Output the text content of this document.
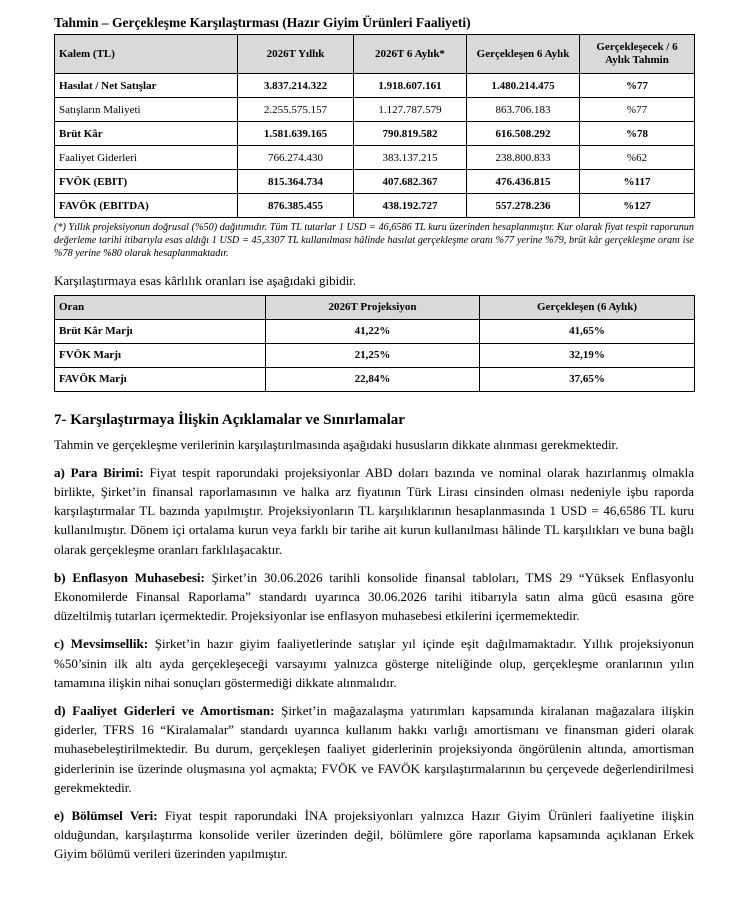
Tahmin – Gerçekleşme Karşılaştırması (Hazır Giyim Ürünleri Faaliyeti)
Kalem (TL)	2026T Yıllık	2026T 6 Aylık*	Gerçekleşen 6 Aylık	Gerçekleşecek / 6 Aylık Tahmin
Hasılat / Net Satışlar	3.837.214.322	1.918.607.161	1.480.214.475	%77
Satışların Maliyeti	2.255.575.157	1.127.787.579	863.706.183	%77
Brüt Kâr	1.581.639.165	790.819.582	616.508.292	%78
Faaliyet Giderleri	766.274.430	383.137.215	238.800.833	%62
FVÖK (EBIT)	815.364.734	407.682.367	476.436.815	%117
FAVÖK (EBITDA)	876.385.455	438.192.727	557.278.236	%127
(*) Yıllık projeksiyonun doğrusal (%50) dağıtımıdır. Tüm TL tutarlar 1 USD = 46,6586 TL kuru üzerinden hesaplanmıştır. Kur olarak fiyat tespit raporunun değerleme tarihi itibarıyla esas aldığı 1 USD = 45,3307 TL kullanılması hâlinde hasılat gerçekleşme oranı %77 yerine %79, brüt kâr gerçekleşme oranı ise %78 yerine %80 olarak hesaplanmaktadır.
Karşılaştırmaya esas kârlılık oranları ise aşağıdaki gibidir.
Oran	2026T Projeksiyon	Gerçekleşen (6 Aylık)
Brüt Kâr Marjı	41,22%	41,65%
FVÖK Marjı	21,25%	32,19%
FAVÖK Marjı	22,84%	37,65%
7- Karşılaştırmaya İlişkin Açıklamalar ve Sınırlamalar

Tahmin ve gerçekleşme verilerinin karşılaştırılmasında aşağıdaki hususların dikkate alınması gerekmektedir.

a) Para Birimi: Fiyat tespit raporundaki projeksiyonlar ABD doları bazında ve nominal olarak hazırlanmış olmakla birlikte, Şirket’in finansal raporlamasının ve halka arz fiyatının Türk Lirası cinsinden olması nedeniyle işbu raporda karşılaştırmalar TL bazında yapılmıştır. Projeksiyonların TL karşılıklarının hesaplanmasında 1 USD = 46,6586 TL kuru kullanılmıştır. Dönem içi ortalama kurun veya farklı bir tarihe ait kurun kullanılması hâlinde TL karşılıkları ve buna bağlı olarak gerçekleşme oranları farklılaşacaktır.

b) Enflasyon Muhasebesi: Şirket’in 30.06.2026 tarihli konsolide finansal tabloları, TMS 29 “Yüksek Enflasyonlu Ekonomilerde Finansal Raporlama” standardı uyarınca 30.06.2026 tarihi itibarıyla satın alma gücü esasına göre düzeltilmiş tutarları içermektedir. Projeksiyonlar ise enflasyon muhasebesi etkilerini içermemektedir.

c) Mevsimsellik: Şirket’in hazır giyim faaliyetlerinde satışlar yıl içinde eşit dağılmamaktadır. Yıllık projeksiyonun %50’sinin ilk altı ayda gerçekleşeceği varsayımı yalnızca gösterge niteliğinde olup, gerçekleşme oranlarının yılın tamamına ilişkin nihai sonuçları göstermediği dikkate alınmalıdır.

d) Faaliyet Giderleri ve Amortisman: Şirket’in mağazalaşma yatırımları kapsamında kiralanan mağazalara ilişkin giderler, TFRS 16 “Kiralamalar” standardı uyarınca kullanım hakkı varlığı amortismanı ve finansman gideri olarak muhasebeleştirilmektedir. Bu durum, gerçekleşen faaliyet giderlerinin projeksiyonda öngörülenin altında, amortisman giderlerinin ise üzerinde oluşmasına yol açmakta; FVÖK ve FAVÖK karşılaştırmalarının bu çerçevede değerlendirilmesi gerekmektedir.

e) Bölümsel Veri: Fiyat tespit raporundaki İNA projeksiyonları yalnızca Hazır Giyim Ürünleri faaliyetine ilişkin olduğundan, karşılaştırma konsolide veriler üzerinden değil, bölümlere göre raporlama kapsamında açıklanan Erkek Giyim bölümü verileri üzerinden yapılmıştır.
